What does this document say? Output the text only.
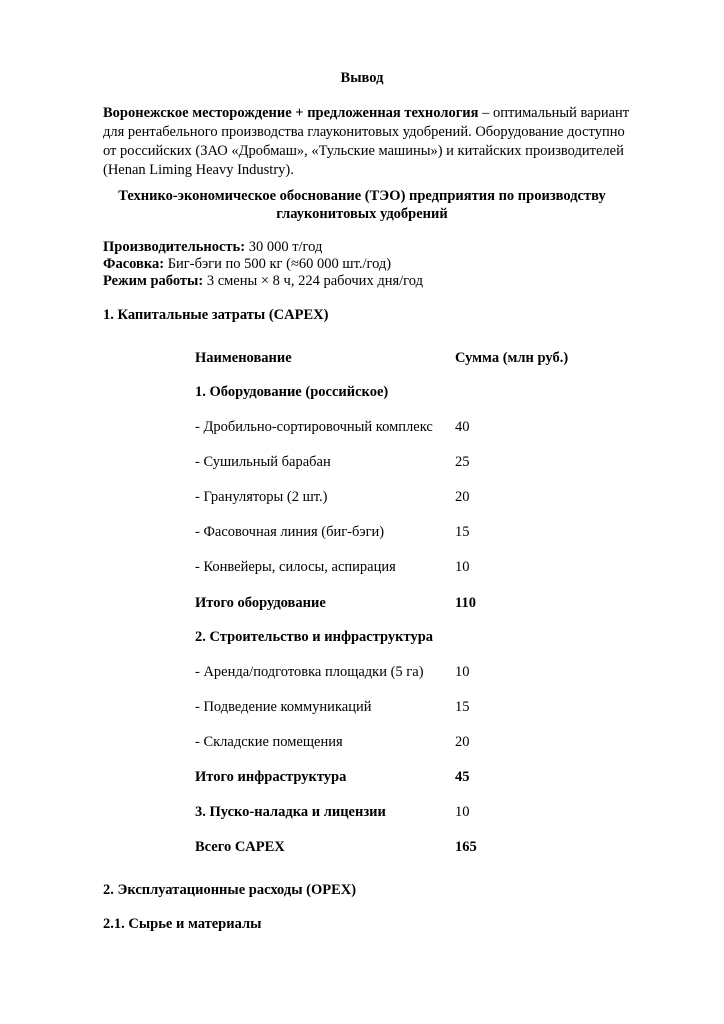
Вывод
Воронежское месторождение + предложенная технология – оптимальный вариант для рентабельного производства глауконитовых удобрений. Оборудование доступно от российских (ЗАО «Дробмаш», «Тульские машины») и китайских производителей (Henan Liming Heavy Industry).
Технико-экономическое обоснование (ТЭО) предприятия по производству
глауконитовых удобрений
Производительность: 30 000 т/год
Фасовка: Биг-бэги по 500 кг (≈60 000 шт./год)
Режим работы: 3 смены × 8 ч, 224 рабочих дня/год
1. Капитальные затраты (CAPEX)
Наименование	Сумма (млн руб.)
1. Оборудование (российское)
- Дробильно-сортировочный комплекс 40
- Сушильный барабан	25
- Грануляторы (2 шт.)	20
- Фасовочная линия (биг-бэги)	15
- Конвейеры, силосы, аспирация	10
Итого оборудование	110
2. Строительство и инфраструктура
- Аренда/подготовка площадки (5 га) 10
- Подведение коммуникаций	15
- Складские помещения	20
Итого инфраструктура	45
3. Пуско-наладка и лицензии	10
Всего CAPEX	165
2. Эксплуатационные расходы (OPEX)
2.1. Сырье и материалы
